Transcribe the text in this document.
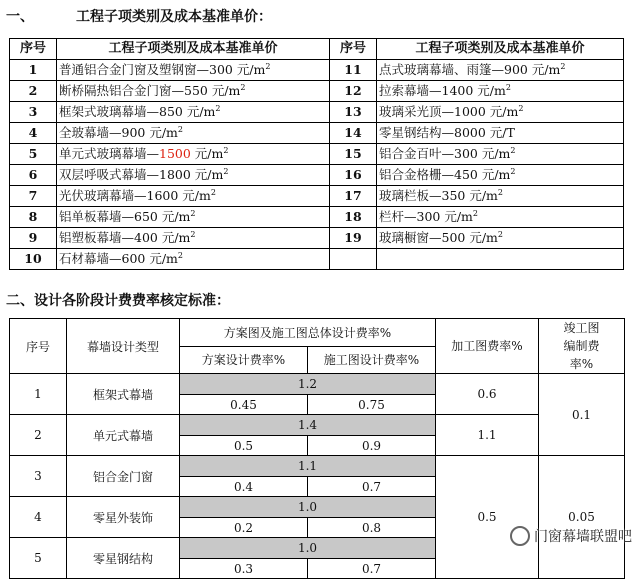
一、	工程子项类别及成本基准单价：
序号	工程子项类别及成本基准单价	序号	工程子项类别及成本基准单价
1	普通铝合金门窗及塑钢窗—300 元$/m^2$	11	点式玻璃幕墙、雨篷—900 元$/m^2$
2	断桥隔热铝合金门窗—550 元$/m^2$	12	拉索幕墙—1400 元$/m^2$
3	框架式玻璃幕墙—850 元$/m^2$	13	玻璃采光顶—1000 元$/m^2$
4	全玻幕墙—900 元$/m^2$	14	零星钢结构—8000 元/T
5	单元式玻璃幕墙—1500 元$/m^2$	15	铝合金百叶—300 元$/m^2$
6	双层呼吸式幕墙—1800 元$/m^2$	16	铝合金格栅—450 元$/m^2$
7	光伏玻璃幕墙—1600 元$/m^2$	17	玻璃栏板—350 元$/m^2$
8	铝单板幕墙—650 元$/m^2$	18	栏杆—300 元$/m^2$
9	铝塑板幕墙—400 元$/m^2$	19	玻璃橱窗—500 元$/m^2$
10	石材幕墙—600 元$/m^2$		
二、设计各阶段计费费率核定标准：
序号	幕墙设计类型	方案图及施工图总体设计费率%		加工图费率%	竣工图编制费率%
		方案设计费率%	施工图设计费率%		
1	框架式幕墙	1.2		0.6	0.1
		0.45	0.75		
2	单元式幕墙	1.4		1.1	
		0.5	0.9		
3	铝合金门窗	1.1		0.5	0.05
		0.4	0.7		
4	零星外装饰	1.0			
		0.2	0.8		
5	零星钢结构	1.0			
		0.3	0.7		
门窗幕墙联盟吧
